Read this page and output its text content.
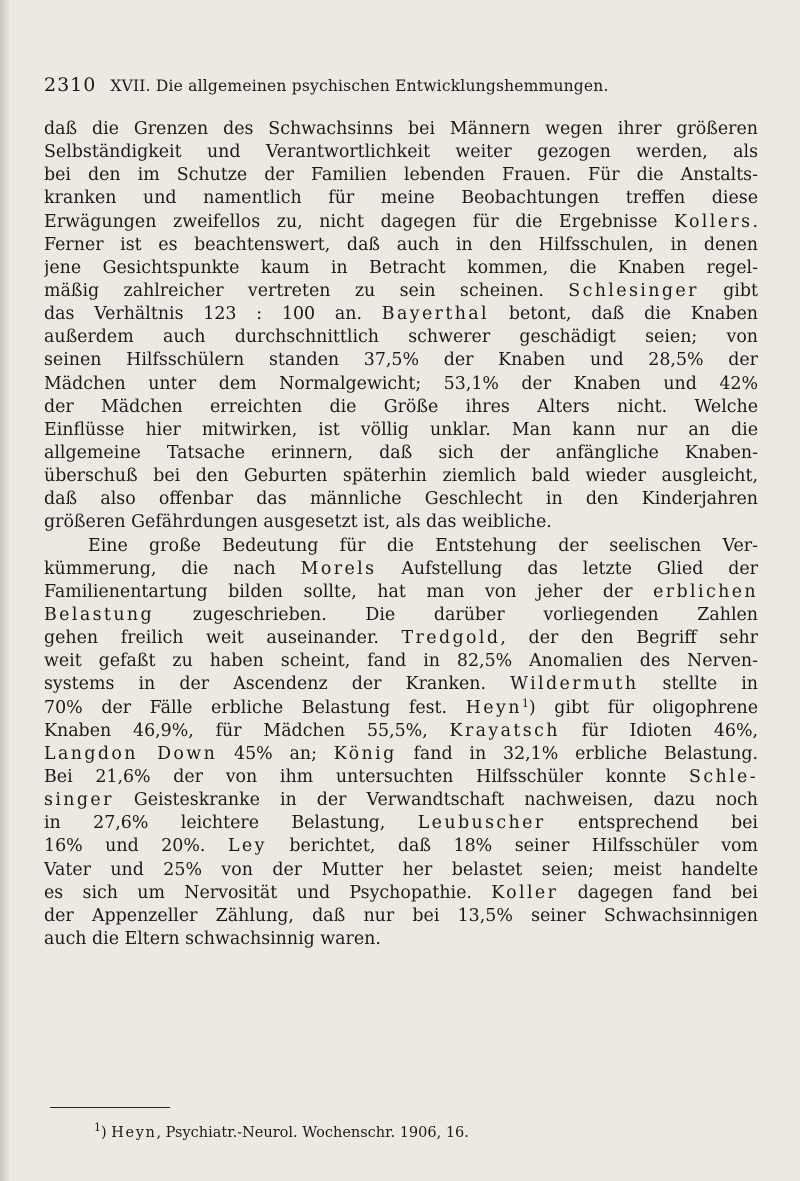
2310 XVII. Die allgemeinen psychischen Entwicklungshemmungen.
daß die Grenzen des Schwachsinns bei Männern wegen ihrer größeren
Selbständigkeit und Verantwortlichkeit weiter gezogen werden, als
bei den im Schutze der Familien lebenden Frauen. Für die Anstalts-
kranken und namentlich für meine Beobachtungen treffen diese
Erwägungen zweifellos zu, nicht dagegen für die Ergebnisse Kollers.
Ferner ist es beachtenswert, daß auch in den Hilfsschulen, in denen
jene Gesichtspunkte kaum in Betracht kommen, die Knaben regel-
mäßig zahlreicher vertreten zu sein scheinen. Schlesinger gibt
das Verhältnis 123 : 100 an. Bayerthal betont, daß die Knaben
außerdem auch durchschnittlich schwerer geschädigt seien; von
seinen Hilfsschülern standen 37,5% der Knaben und 28,5% der
Mädchen unter dem Normalgewicht; 53,1% der Knaben und 42%
der Mädchen erreichten die Größe ihres Alters nicht. Welche
Einflüsse hier mitwirken, ist völlig unklar. Man kann nur an die
allgemeine Tatsache erinnern, daß sich der anfängliche Knaben-
überschuß bei den Geburten späterhin ziemlich bald wieder ausgleicht,
daß also offenbar das männliche Geschlecht in den Kinderjahren
größeren Gefährdungen ausgesetzt ist, als das weibliche.
Eine große Bedeutung für die Entstehung der seelischen Ver-
kümmerung, die nach Morels Aufstellung das letzte Glied der
Familienentartung bilden sollte, hat man von jeher der erblichen
Belastung zugeschrieben. Die darüber vorliegenden Zahlen
gehen freilich weit auseinander. Tredgold, der den Begriff sehr
weit gefaßt zu haben scheint, fand in 82,5% Anomalien des Nerven-
systems in der Ascendenz der Kranken. Wildermuth stellte in
70% der Fälle erbliche Belastung fest. Heyn$^1$) gibt für oligophrene
Knaben 46,9%, für Mädchen 55,5%, Krayatsch für Idioten 46%,
Langdon Down 45% an; König fand in 32,1% erbliche Belastung.
Bei 21,6% der von ihm untersuchten Hilfsschüler konnte Schle-
singer Geisteskranke in der Verwandtschaft nachweisen, dazu noch
in 27,6% leichtere Belastung, Leubuscher entsprechend bei
16% und 20%. Ley berichtet, daß 18% seiner Hilfsschüler vom
Vater und 25% von der Mutter her belastet seien; meist handelte
es sich um Nervosität und Psychopathie. Koller dagegen fand bei
der Appenzeller Zählung, daß nur bei 13,5% seiner Schwachsinnigen
auch die Eltern schwachsinnig waren.
$^1$) Heyn, Psychiatr.-Neurol. Wochenschr. 1906, 16.
